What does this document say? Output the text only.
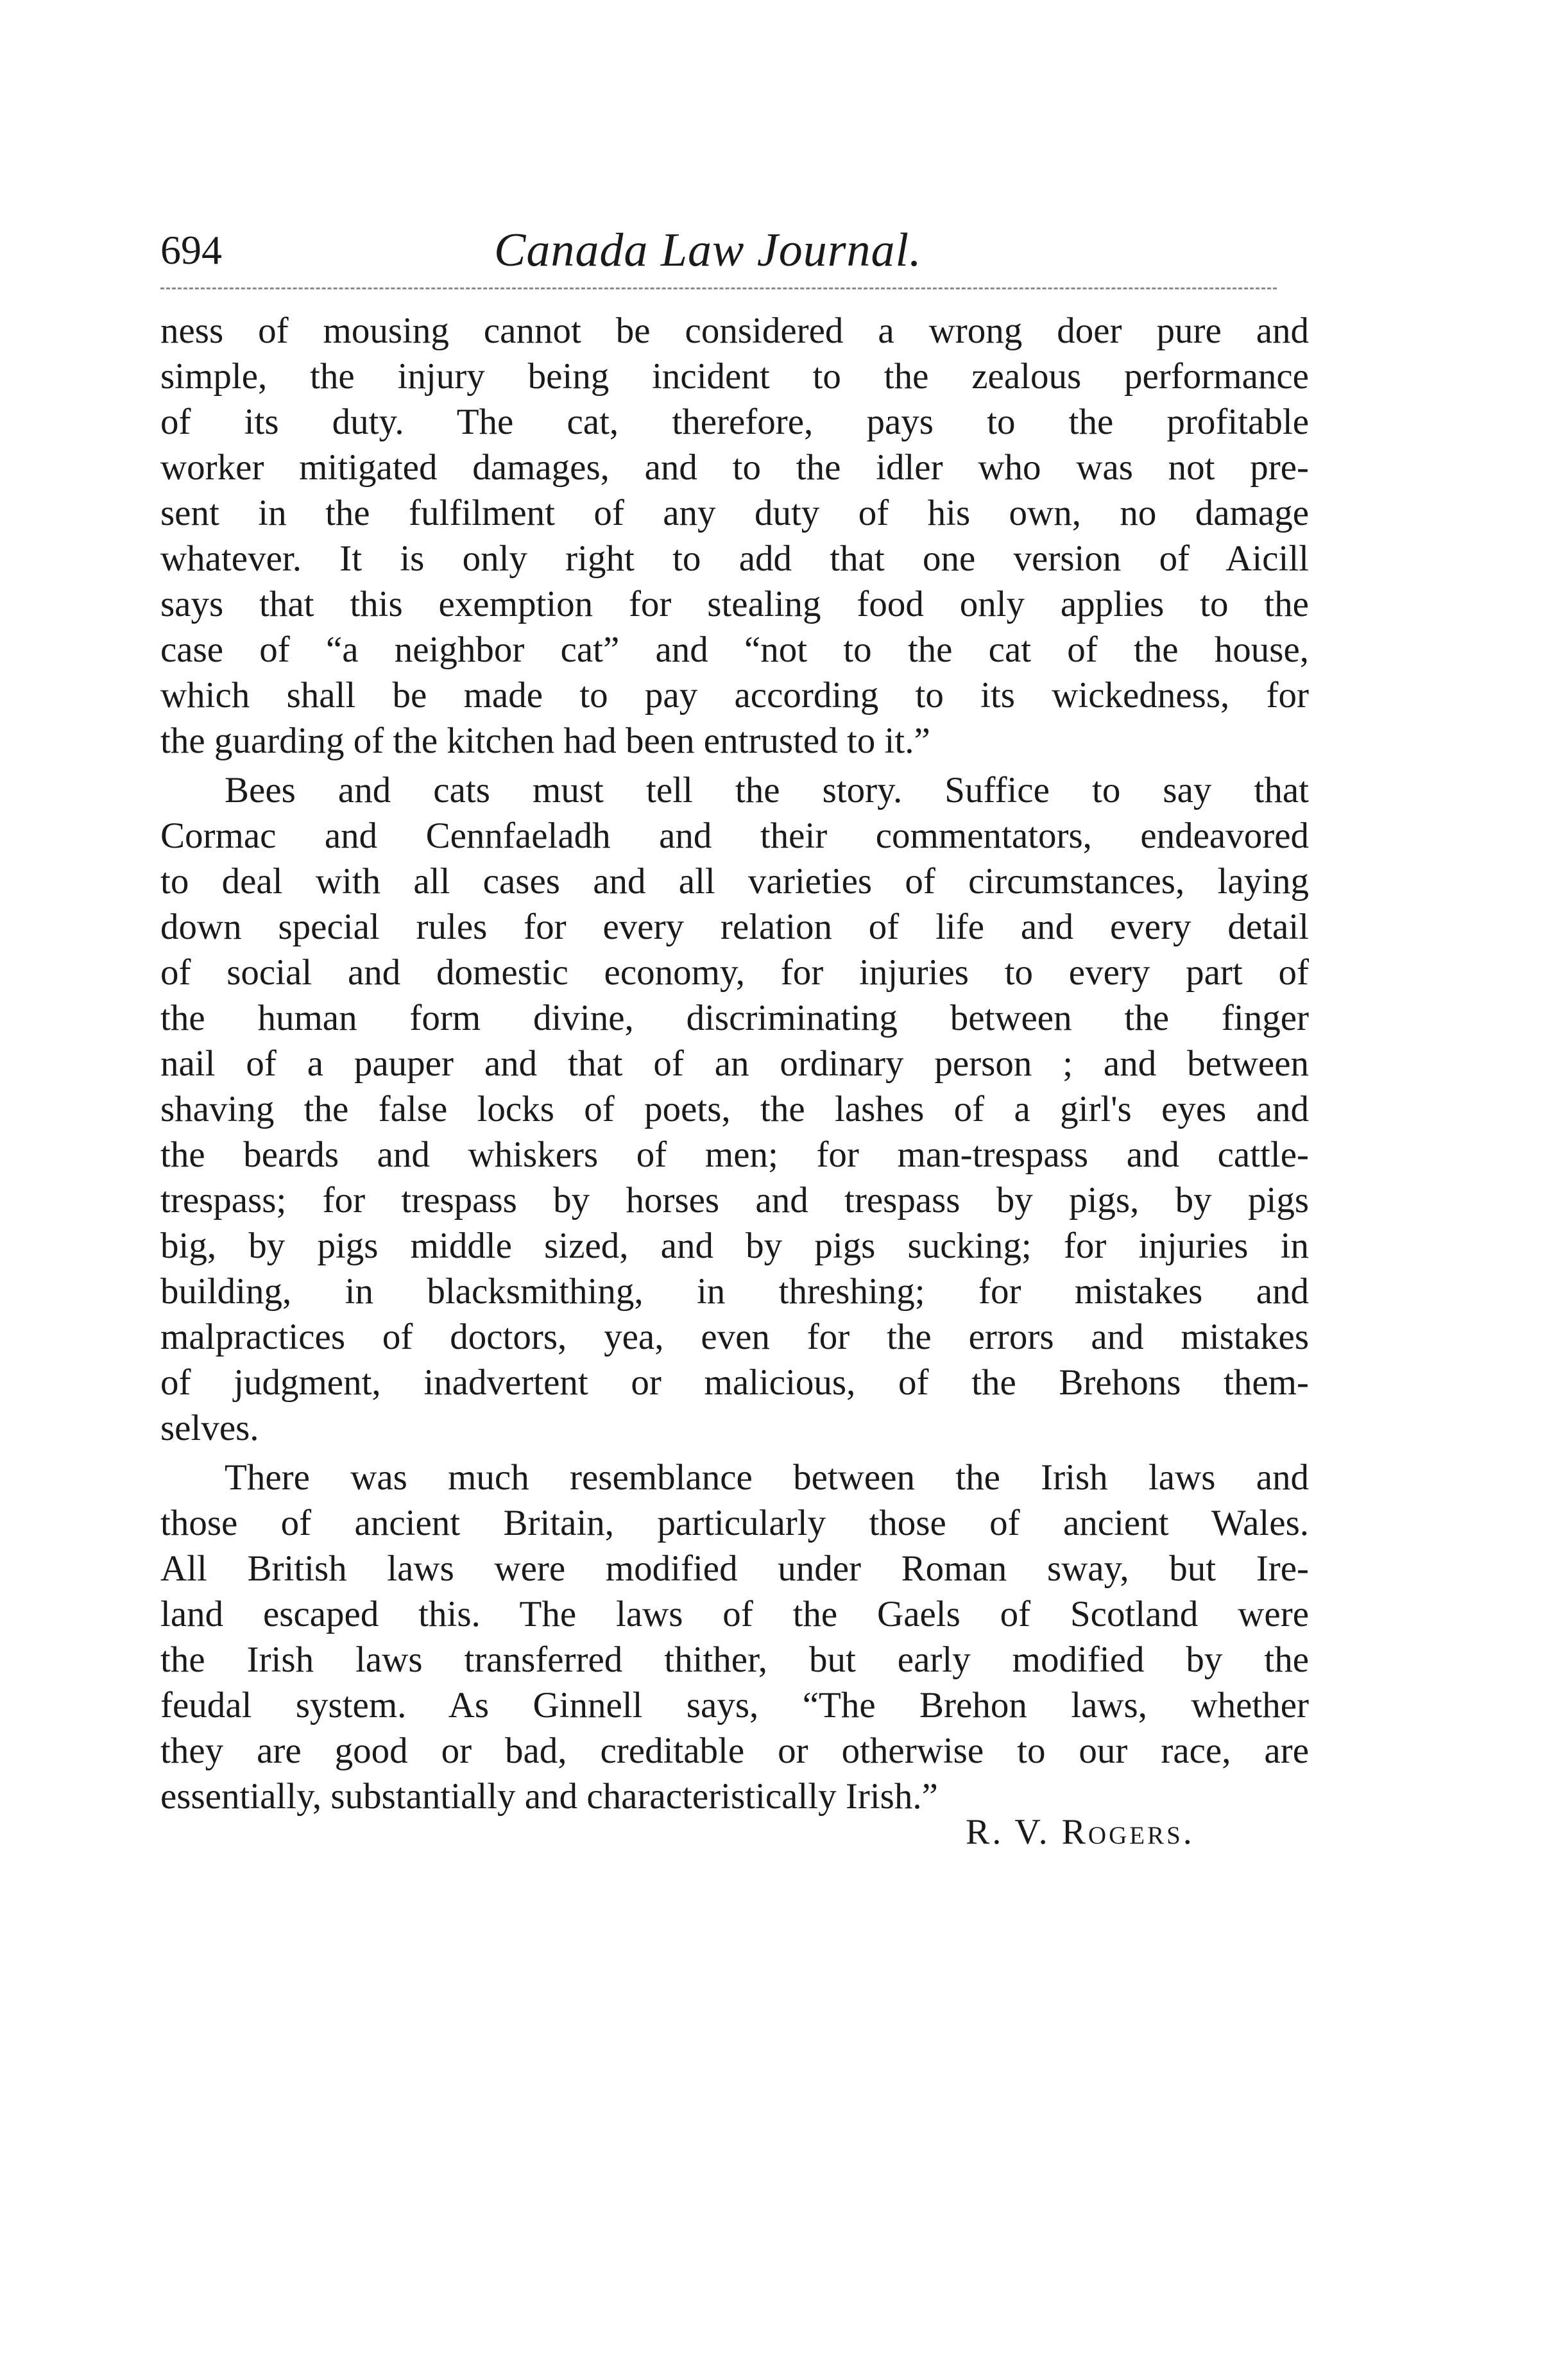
694	Canada Law Journal.
ness of mousing cannot be considered a wrong doer pure and
simple, the injury being incident to the zealous performance
of its duty. The cat, therefore, pays to the profitable
worker mitigated damages, and to the idler who was not pre-
sent in the fulfilment of any duty of his own, no damage
whatever. It is only right to add that one version of Aicill
says that this exemption for stealing food only applies to the
case of “a neighbor cat” and “not to the cat of the house,
which shall be made to pay according to its wickedness, for
the guarding of the kitchen had been entrusted to it.”
Bees and cats must tell the story. Suffice to say that
Cormac and Cennfaeladh and their commentators, endeavored
to deal with all cases and all varieties of circumstances, laying
down special rules for every relation of life and every detail
of social and domestic economy, for injuries to every part of
the human form divine, discriminating between the finger
nail of a pauper and that of an ordinary person ; and between
shaving the false locks of poets, the lashes of a girl's eyes and
the beards and whiskers of men; for man-trespass and cattle-
trespass; for trespass by horses and trespass by pigs, by pigs
big, by pigs middle sized, and by pigs sucking; for injuries in
building, in blacksmithing, in threshing; for mistakes and
malpractices of doctors, yea, even for the errors and mistakes
of judgment, inadvertent or malicious, of the Brehons them-
selves.
There was much resemblance between the Irish laws and
those of ancient Britain, particularly those of ancient Wales.
All British laws were modified under Roman sway, but Ire-
land escaped this. The laws of the Gaels of Scotland were
the Irish laws transferred thither, but early modified by the
feudal system. As Ginnell says, “The Brehon laws, whether
they are good or bad, creditable or otherwise to our race, are
essentially, substantially and characteristically Irish.”
R. V. Rogers.
